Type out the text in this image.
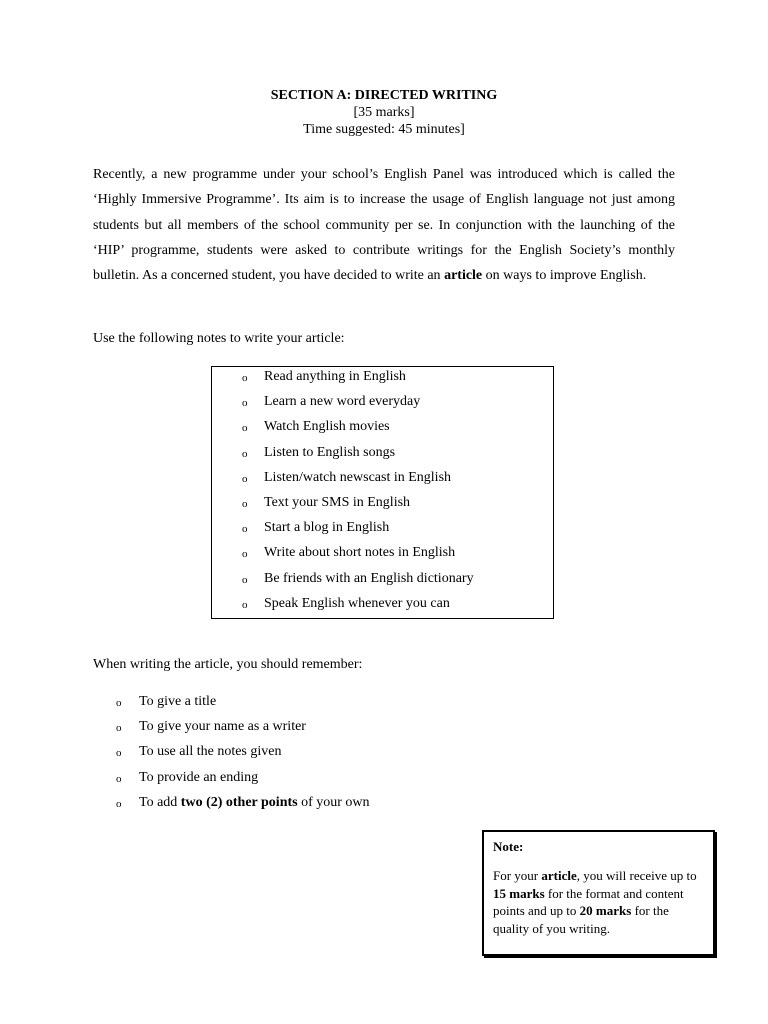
SECTION A: DIRECTED WRITING
[35 marks]
Time suggested: 45 minutes]

Recently, a new programme under your school’s English Panel was introduced which is called the ‘Highly Immersive Programme’. Its aim is to increase the usage of English language not just among students but all members of the school community per se. In conjunction with the launching of the ‘HIP’ programme, students were asked to contribute writings for the English Society’s monthly bulletin. As a concerned student, you have decided to write an article on ways to improve English.

Use the following notes to write your article:

o Read anything in English
o Learn a new word everyday
o Watch English movies
o Listen to English songs
o Listen/watch newscast in English
o Text your SMS in English
o Start a blog in English
o Write about short notes in English
o Be friends with an English dictionary
o Speak English whenever you can

When writing the article, you should remember:

o To give a title
o To give your name as a writer
o To use all the notes given
o To provide an ending
o To add two (2) other points of your own

Note:

For your article, you will receive up to 15 marks for the format and content points and up to 20 marks for the quality of you writing.
